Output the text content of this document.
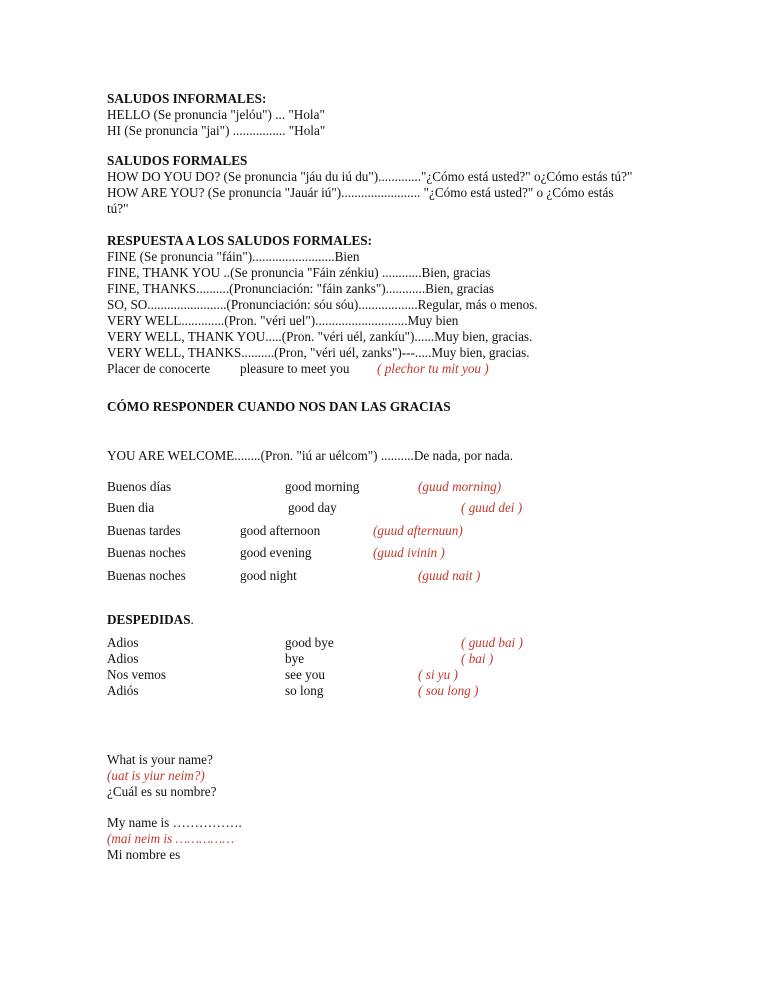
SALUDOS INFORMALES:
HELLO (Se pronuncia "jelóu") ... "Hola"
HI (Se pronuncia "jai") ................ "Hola"
SALUDOS FORMALES
HOW DO YOU DO? (Se pronuncia "jáu du iú du")............."¿Cómo está usted?" o¿Cómo estás tú?"
HOW ARE YOU? (Se pronuncia "Jauár iú")........................ "¿Cómo está usted?" o ¿Cómo estás
tú?"
RESPUESTA A LOS SALUDOS FORMALES:
FINE (Se pronuncia "fáin").........................Bien
FINE, THANK YOU ..(Se pronuncia "Fáin zénkiu) ............Bien, gracias
FINE, THANKS..........(Pronunciación: "fáin zanks")............Bien, gracias
SO, SO........................(Pronunciación: sóu sóu)..................Regular, más o menos.
VERY WELL.............(Pron. "véri uel")............................Muy bien
VERY WELL, THANK YOU.....(Pron. "véri uél, zankíu")......Muy bien, gracias.
VERY WELL, THANKS..........(Pron, "véri uél, zanks")---.....Muy bien, gracias.
Placer de conocerte pleasure to meet you ( plechor tu mit you )
CÓMO RESPONDER CUANDO NOS DAN LAS GRACIAS
YOU ARE WELCOME........(Pron. "iú ar uélcom") ..........De nada, por nada.
Buenos días	good morning	(guud morning)
Buen dia	good day	( guud dei )
Buenas tardes	good afternoon	(guud afternuun)
Buenas noches	good evening	(guud ivinin )
Buenas noches	good night	(guud nait )
DESPEDIDAS.
Adios	good bye	( guud bai )
Adios	bye	( bai )
Nos vemos	see you	( si yu )
Adiós	so long	( sou long )
What is your name?
(uat is yiur neim?)
¿Cuál es su nombre?
My name is …………….
(mai neim is ……………
Mi nombre es
